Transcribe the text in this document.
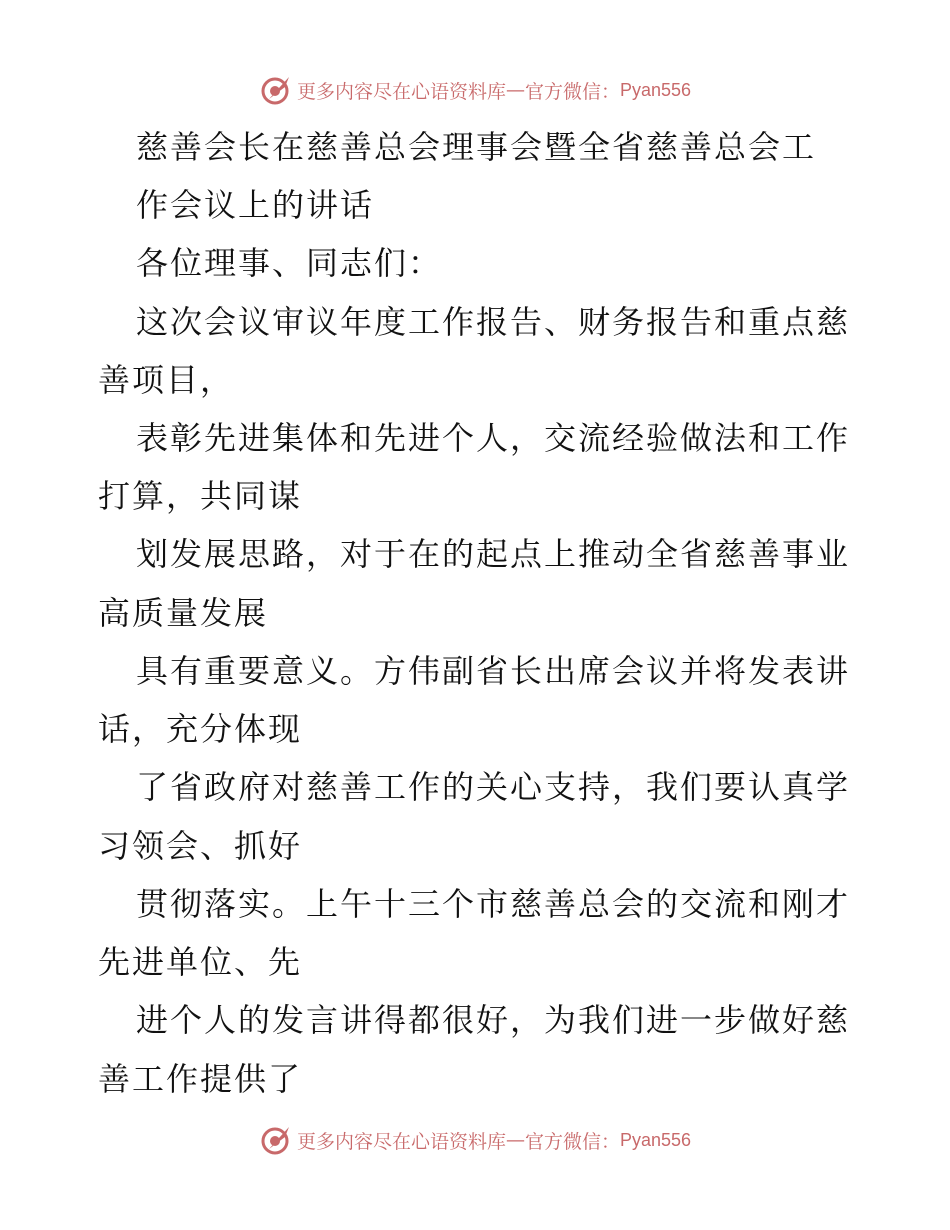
更多内容尽在心语资料库 — 官方微信： Pyan556
慈善会长在慈善总会理事会暨全省慈善总会工
作会议上的讲话
各位理事、同志们：
这次会议审议年度工作报告、财务报告和重点慈
善项目，
表彰先进集体和先进个人，交流经验做法和工作
打算，共同谋
划发展思路，对于在的起点上推动全省慈善事业
高质量发展
具有重要意义。方伟副省长出席会议并将发表讲
话，充分体现
了省政府对慈善工作的关心支持，我们要认真学
习领会、抓好
贯彻落实。上午十三个市慈善总会的交流和刚才
先进单位、先
进个人的发言讲得都很好，为我们进一步做好慈
善工作提供了
更多内容尽在心语资料库 — 官方微信： Pyan556
